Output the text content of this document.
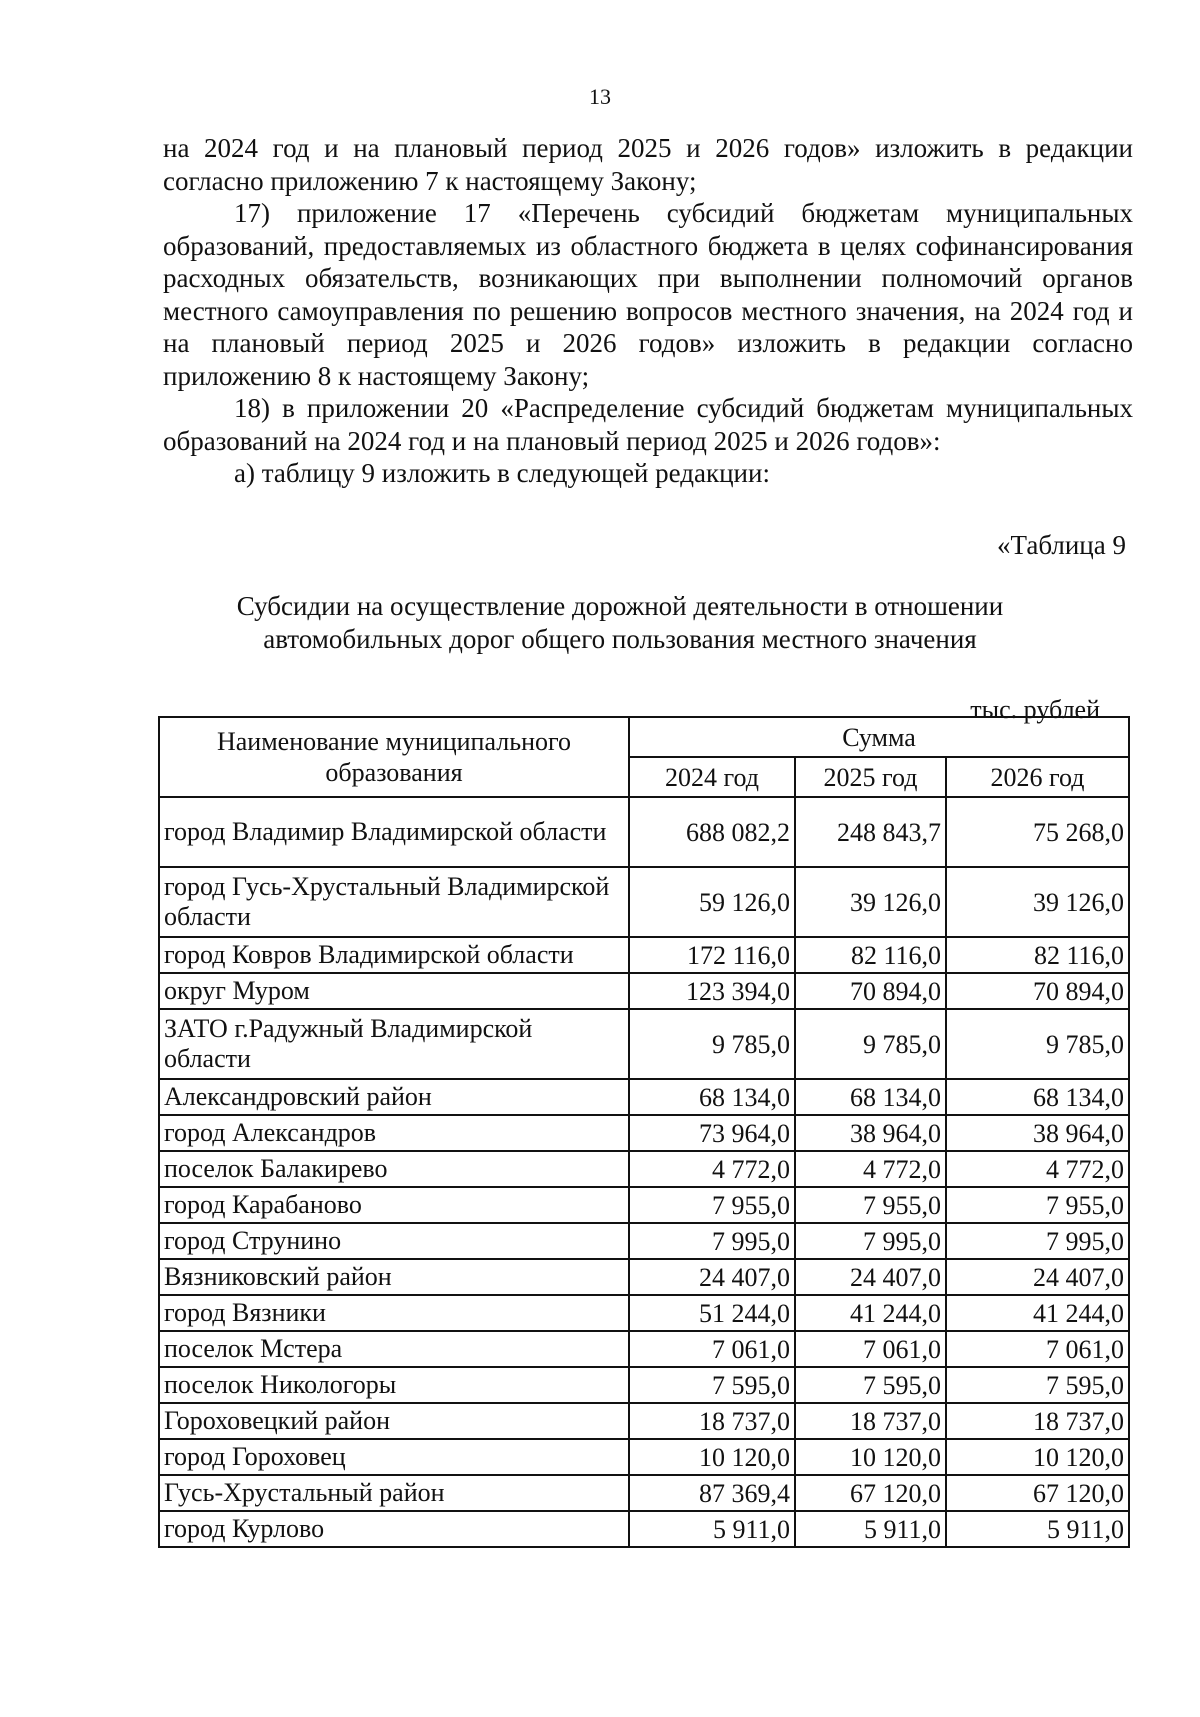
13

на 2024 год и на плановый период 2025 и 2026 годов» изложить в редакции согласно приложению 7 к настоящему Закону;

17) приложение 17 «Перечень субсидий бюджетам муниципальных образований, предоставляемых из областного бюджета в целях софинансирования расходных обязательств, возникающих при выполнении полномочий органов местного самоуправления по решению вопросов местного значения, на 2024 год и на плановый период 2025 и 2026 годов» изложить в редакции согласно приложению 8 к настоящему Закону;

18) в приложении 20 «Распределение субсидий бюджетам муниципальных образований на 2024 год и на плановый период 2025 и 2026 годов»:

а) таблицу 9 изложить в следующей редакции:

«Таблица 9
Субсидии на осуществление дорожной деятельности в отношении
автомобильных дорог общего пользования местного значения
тыс. рублей
Наименование муниципального образования	Сумма		
	2024 год	2025 год	2026 год
город Владимир Владимирской области	688 082,2	248 843,7	75 268,0
город Гусь-Хрустальный Владимирской области	59 126,0	39 126,0	39 126,0
город Ковров Владимирской области	172 116,0	82 116,0	82 116,0
округ Муром	123 394,0	70 894,0	70 894,0
ЗАТО г.Радужный Владимирской области	9 785,0	9 785,0	9 785,0
Александровский район	68 134,0	68 134,0	68 134,0
город Александров	73 964,0	38 964,0	38 964,0
поселок Балакирево	4 772,0	4 772,0	4 772,0
город Карабаново	7 955,0	7 955,0	7 955,0
город Струнино	7 995,0	7 995,0	7 995,0
Вязниковский район	24 407,0	24 407,0	24 407,0
город Вязники	51 244,0	41 244,0	41 244,0
поселок Мстера	7 061,0	7 061,0	7 061,0
поселок Никологоры	7 595,0	7 595,0	7 595,0
Гороховецкий район	18 737,0	18 737,0	18 737,0
город Гороховец	10 120,0	10 120,0	10 120,0
Гусь-Хрустальный район	87 369,4	67 120,0	67 120,0
город Курлово	5 911,0	5 911,0	5 911,0
